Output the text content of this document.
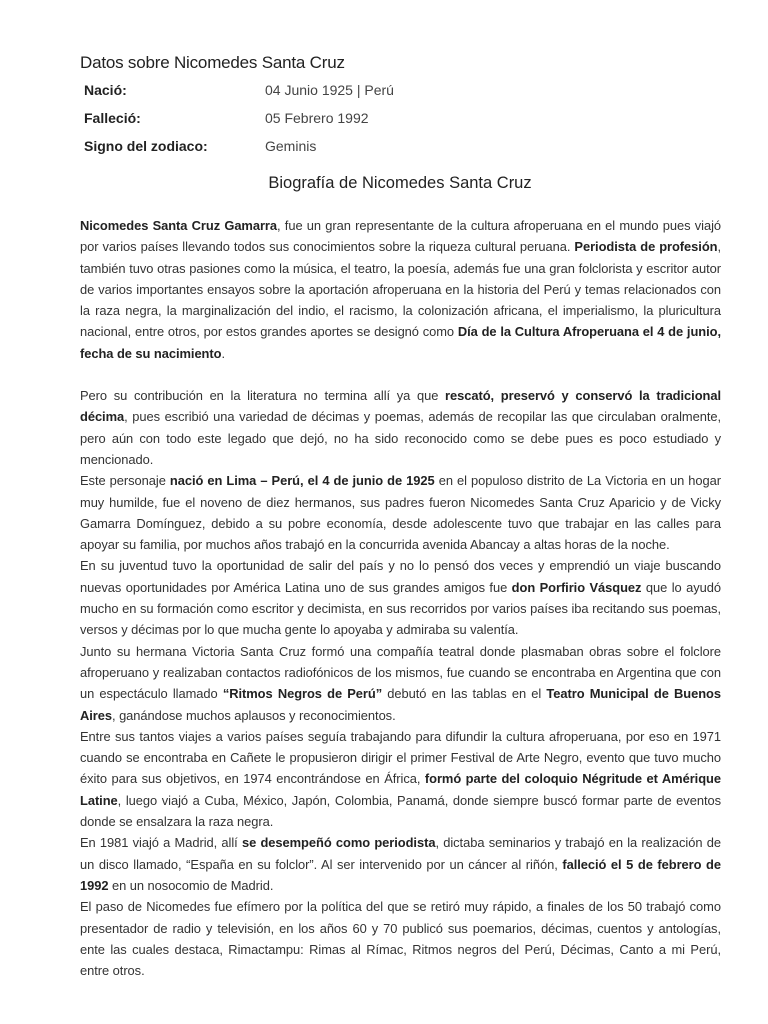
Datos sobre Nicomedes Santa Cruz
Nació:	04 Junio 1925 | Perú
Falleció:	05 Febrero 1992
Signo del zodiaco:	Geminis
Biografía de Nicomedes Santa Cruz

Nicomedes Santa Cruz Gamarra, fue un gran representante de la cultura afroperuana en el mundo pues viajó por varios países llevando todos sus conocimientos sobre la riqueza cultural peruana. Periodista de profesión, también tuvo otras pasiones como la música, el teatro, la poesía, además fue una gran folclorista y escritor autor de varios importantes ensayos sobre la aportación afroperuana en la historia del Perú y temas relacionados con la raza negra, la marginalización del indio, el racismo, la colonización africana, el imperialismo, la pluricultura nacional, entre otros, por estos grandes aportes se designó como Día de la Cultura Afroperuana el 4 de junio, fecha de su nacimiento.

Pero su contribución en la literatura no termina allí ya que rescató, preservó y conservó la tradicional décima, pues escribió una variedad de décimas y poemas, además de recopilar las que circulaban oralmente, pero aún con todo este legado que dejó, no ha sido reconocido como se debe pues es poco estudiado y mencionado.

Este personaje nació en Lima – Perú, el 4 de junio de 1925 en el populoso distrito de La Victoria en un hogar muy humilde, fue el noveno de diez hermanos, sus padres fueron Nicomedes Santa Cruz Aparicio y de Vicky Gamarra Domínguez, debido a su pobre economía, desde adolescente tuvo que trabajar en las calles para apoyar su familia, por muchos años trabajó en la concurrida avenida Abancay a altas horas de la noche.

En su juventud tuvo la oportunidad de salir del país y no lo pensó dos veces y emprendió un viaje buscando nuevas oportunidades por América Latina uno de sus grandes amigos fue don Porfirio Vásquez que lo ayudó mucho en su formación como escritor y decimista, en sus recorridos por varios países iba recitando sus poemas, versos y décimas por lo que mucha gente lo apoyaba y admiraba su valentía.

Junto su hermana Victoria Santa Cruz formó una compañía teatral donde plasmaban obras sobre el folclore afroperuano y realizaban contactos radiofónicos de los mismos, fue cuando se encontraba en Argentina que con un espectáculo llamado “Ritmos Negros de Perú” debutó en las tablas en el Teatro Municipal de Buenos Aires, ganándose muchos aplausos y reconocimientos.

Entre sus tantos viajes a varios países seguía trabajando para difundir la cultura afroperuana, por eso en 1971 cuando se encontraba en Cañete le propusieron dirigir el primer Festival de Arte Negro, evento que tuvo mucho éxito para sus objetivos, en 1974 encontrándose en África, formó parte del coloquio Négritude et Amérique Latine, luego viajó a Cuba, México, Japón, Colombia, Panamá, donde siempre buscó formar parte de eventos donde se ensalzara la raza negra.

En 1981 viajó a Madrid, allí se desempeñó como periodista, dictaba seminarios y trabajó en la realización de un disco llamado, “España en su folclor”. Al ser intervenido por un cáncer al riñón, falleció el 5 de febrero de 1992 en un nosocomio de Madrid.

El paso de Nicomedes fue efímero por la política del que se retiró muy rápido, a finales de los 50 trabajó como presentador de radio y televisión, en los años 60 y 70 publicó sus poemarios, décimas, cuentos y antologías, ente las cuales destaca, Rimactampu: Rimas al Rímac, Ritmos negros del Perú, Décimas, Canto a mi Perú, entre otros.
